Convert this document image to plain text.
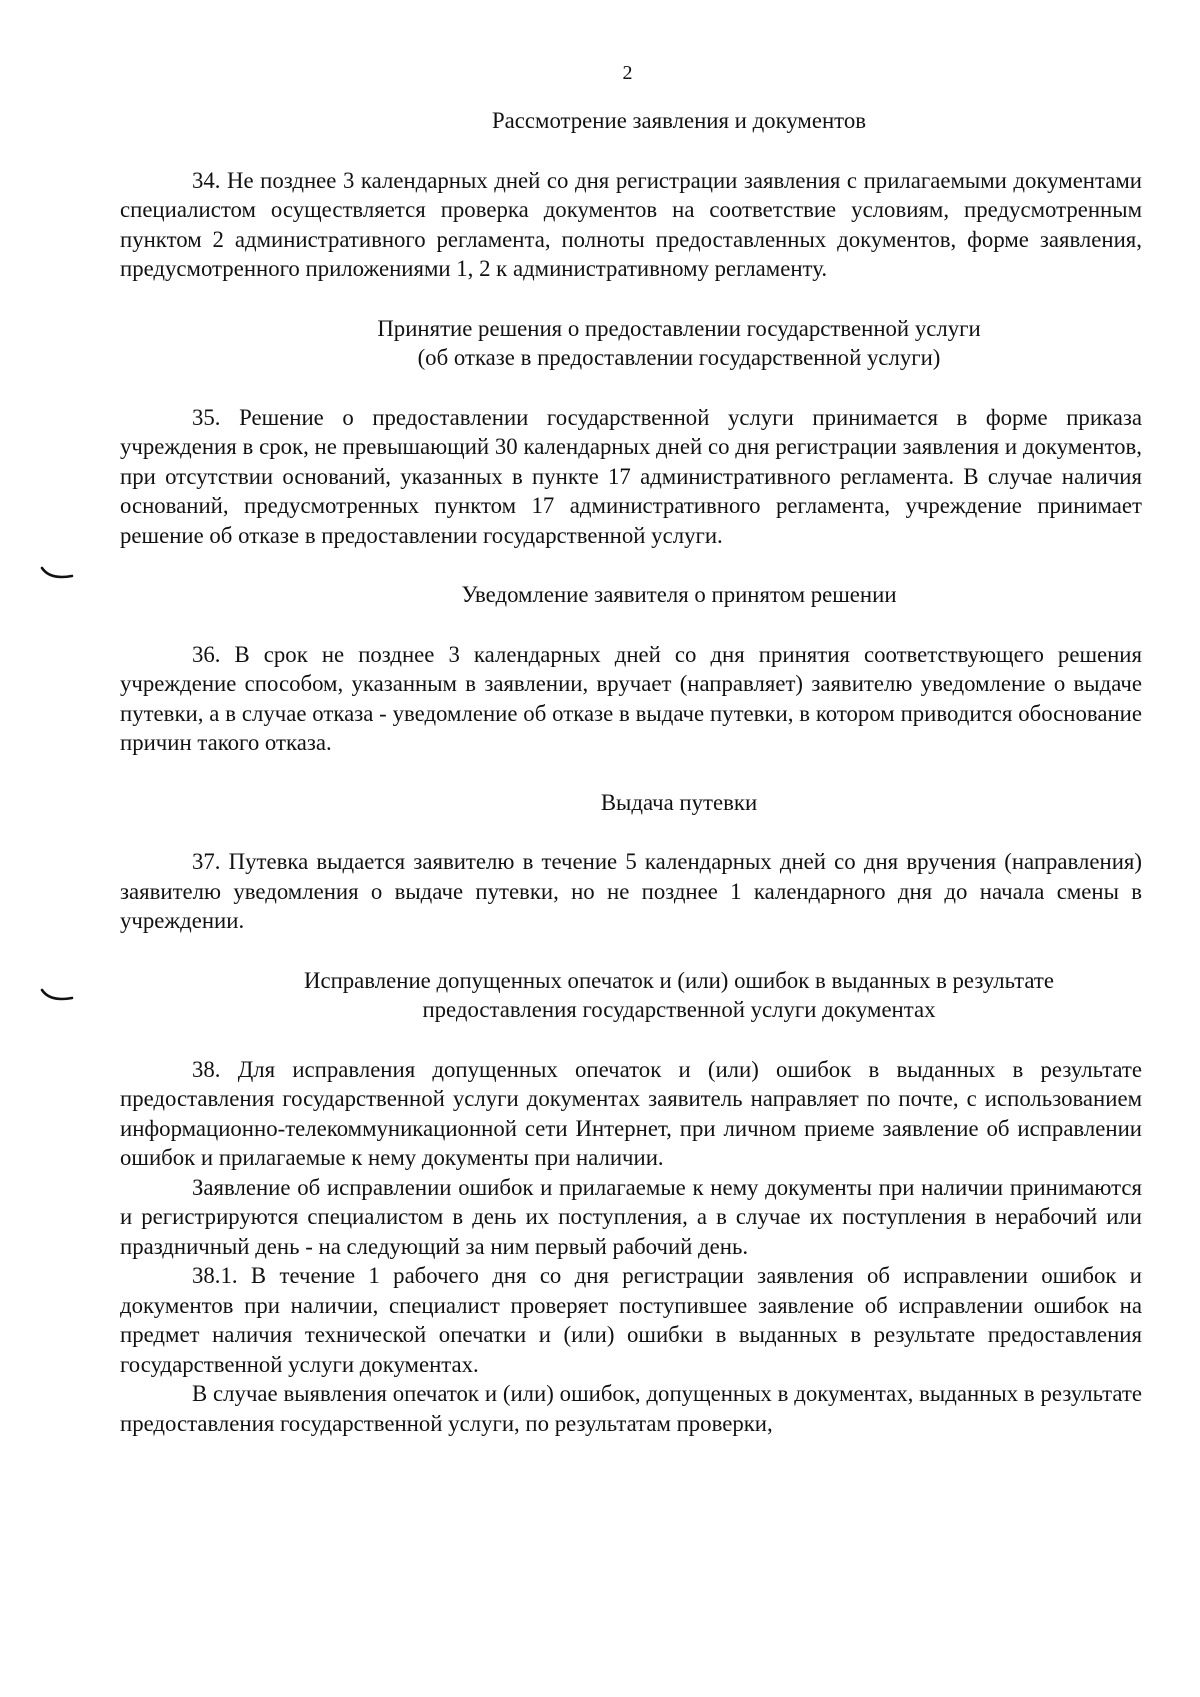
2
Рассмотрение заявления и документов

34. Не позднее 3 календарных дней со дня регистрации заявления с прилагаемыми документами специалистом осуществляется проверка документов на соответствие условиям, предусмотренным пунктом 2 административного регламента, полноты предоставленных документов, форме заявления, предусмотренного приложениями 1, 2 к административному регламенту.

Принятие решения о предоставлении государственной услуги
(об отказе в предоставлении государственной услуги)

35. Решение о предоставлении государственной услуги принимается в форме приказа учреждения в срок, не превышающий 30 календарных дней со дня регистрации заявления и документов, при отсутствии оснований, указанных в пункте 17 административного регламента. В случае наличия оснований, предусмотренных пунктом 17 административного регламента, учреждение принимает решение об отказе в предоставлении государственной услуги.

Уведомление заявителя о принятом решении

36. В срок не позднее 3 календарных дней со дня принятия соответствующего решения учреждение способом, указанным в заявлении, вручает (направляет) заявителю уведомление о выдаче путевки, а в случае отказа - уведомление об отказе в выдаче путевки, в котором приводится обоснование причин такого отказа.

Выдача путевки

37. Путевка выдается заявителю в течение 5 календарных дней со дня вручения (направления) заявителю уведомления о выдаче путевки, но не позднее 1 календарного дня до начала смены в учреждении.

Исправление допущенных опечаток и (или) ошибок в выданных в результате
предоставления государственной услуги документах

38. Для исправления допущенных опечаток и (или) ошибок в выданных в результате предоставления государственной услуги документах заявитель направляет по почте, с использованием информационно-телекоммуникационной сети Интернет, при личном приеме заявление об исправлении ошибок и прилагаемые к нему документы при наличии.

Заявление об исправлении ошибок и прилагаемые к нему документы при наличии принимаются и регистрируются специалистом в день их поступления, а в случае их поступления в нерабочий или праздничный день - на следующий за ним первый рабочий день.

38.1. В течение 1 рабочего дня со дня регистрации заявления об исправлении ошибок и документов при наличии, специалист проверяет поступившее заявление об исправлении ошибок на предмет наличия технической опечатки и (или) ошибки в выданных в результате предоставления государственной услуги документах.

В случае выявления опечаток и (или) ошибок, допущенных в документах, выданных в результате предоставления государственной услуги, по результатам проверки,
